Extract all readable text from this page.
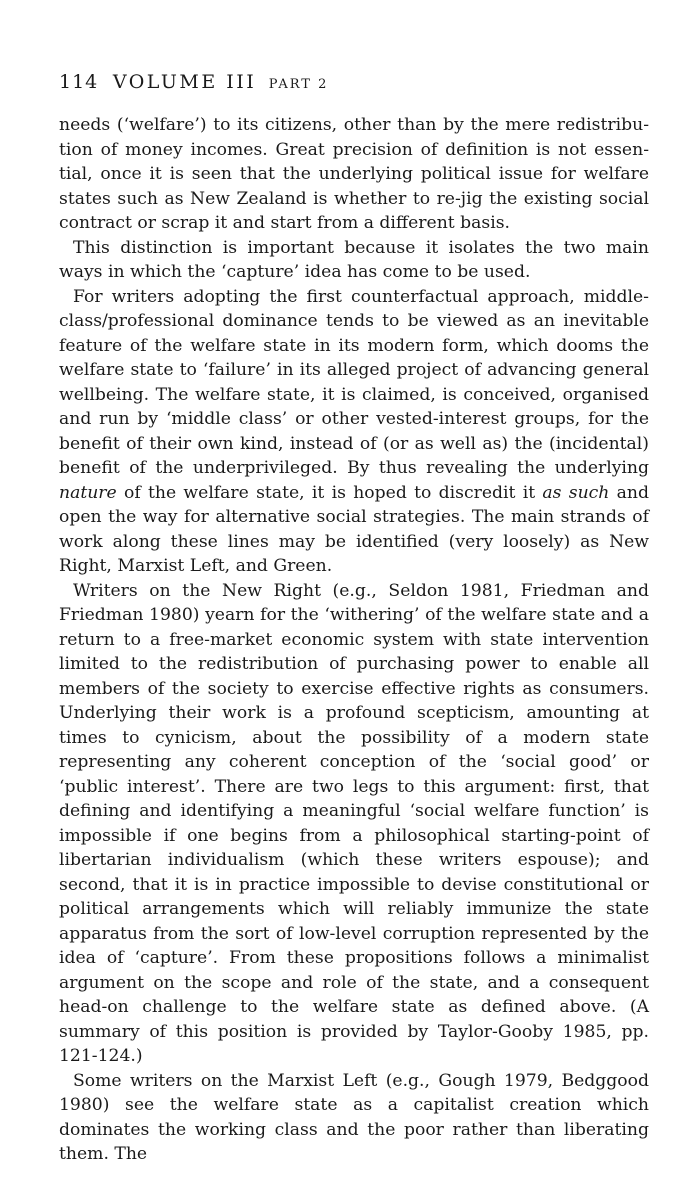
114 VOLUME III PART 2

needs (‘welfare’) to its citizens, other than by the mere redistribution of money incomes. Great precision of definition is not essential, once it is seen that the underlying political issue for welfare states such as New Zealand is whether to re-jig the existing social contract or scrap it and start from a different basis.

This distinction is important because it isolates the two main ways in which the ‘capture’ idea has come to be used.

For writers adopting the first counterfactual approach, middle-class/professional dominance tends to be viewed as an inevitable feature of the welfare state in its modern form, which dooms the welfare state to ‘failure’ in its alleged project of advancing general wellbeing. The welfare state, it is claimed, is conceived, organised and run by ‘middle class’ or other vested-interest groups, for the benefit of their own kind, instead of (or as well as) the (incidental) benefit of the underprivileged. By thus revealing the underlying nature of the welfare state, it is hoped to discredit it as such and open the way for alternative social strategies. The main strands of work along these lines may be identified (very loosely) as New Right, Marxist Left, and Green.

Writers on the New Right (e.g., Seldon 1981, Friedman and Friedman 1980) yearn for the ‘withering’ of the welfare state and a return to a free-market economic system with state intervention limited to the redistribution of purchasing power to enable all members of the society to exercise effective rights as consumers. Underlying their work is a profound scepticism, amounting at times to cynicism, about the possibility of a modern state representing any coherent conception of the ‘social good’ or ‘public interest’. There are two legs to this argument: first, that defining and identifying a meaningful ‘social welfare function’ is impossible if one begins from a philosophical starting-point of libertarian individualism (which these writers espouse); and second, that it is in practice impossible to devise constitutional or political arrangements which will reliably immunize the state apparatus from the sort of low-level corruption represented by the idea of ‘capture’. From these propositions follows a minimalist argument on the scope and role of the state, and a consequent head-on challenge to the welfare state as defined above. (A summary of this position is provided by Taylor-Gooby 1985, pp. 121-124.)

Some writers on the Marxist Left (e.g., Gough 1979, Bedggood 1980) see the welfare state as a capitalist creation which dominates the working class and the poor rather than liberating them. The
